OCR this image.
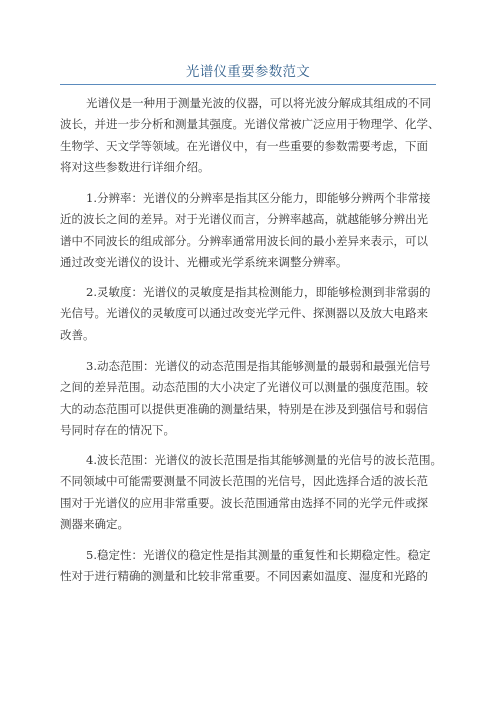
光谱仪重要参数范文
光谱仪是一种用于测量光波的仪器，可以将光波分解成其组成的不同
波长，并进一步分析和测量其强度。光谱仪常被广泛应用于物理学、化学、
生物学、天文学等领域。在光谱仪中，有一些重要的参数需要考虑，下面
将对这些参数进行详细介绍。
1.分辨率：光谱仪的分辨率是指其区分能力，即能够分辨两个非常接
近的波长之间的差异。对于光谱仪而言，分辨率越高，就越能够分辨出光
谱中不同波长的组成部分。分辨率通常用波长间的最小差异来表示，可以
通过改变光谱仪的设计、光栅或光学系统来调整分辨率。
2.灵敏度：光谱仪的灵敏度是指其检测能力，即能够检测到非常弱的
光信号。光谱仪的灵敏度可以通过改变光学元件、探测器以及放大电路来
改善。
3.动态范围：光谱仪的动态范围是指其能够测量的最弱和最强光信号
之间的差异范围。动态范围的大小决定了光谱仪可以测量的强度范围。较
大的动态范围可以提供更准确的测量结果，特别是在涉及到强信号和弱信
号同时存在的情况下。
4.波长范围：光谱仪的波长范围是指其能够测量的光信号的波长范围。
不同领域中可能需要测量不同波长范围的光信号，因此选择合适的波长范
围对于光谱仪的应用非常重要。波长范围通常由选择不同的光学元件或探
测器来确定。
5.稳定性：光谱仪的稳定性是指其测量的重复性和长期稳定性。稳定
性对于进行精确的测量和比较非常重要。不同因素如温度、湿度和光路的
